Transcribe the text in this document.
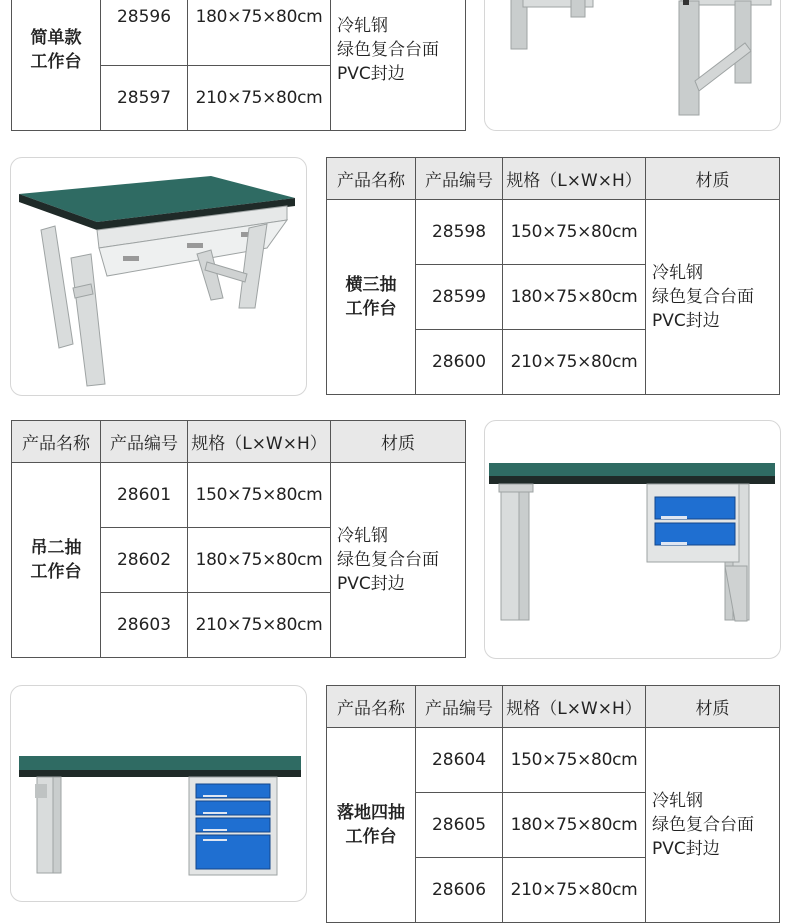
简单款
工作台	28596	180×75×80cm	冷轧钢
绿色复合台面
PVC封边

	28597	210×75×80cm	
产品名称	产品编号	规格（L×W×H）	材质

横三抽
工作台	28598	150×75×80cm	冷轧钢
绿色复合台面
PVC封边

	28599	180×75×80cm	
	28600	210×75×80cm	
产品名称	产品编号	规格（L×W×H）	材质

吊二抽
工作台	28601	150×75×80cm	冷轧钢
绿色复合台面
PVC封边

	28602	180×75×80cm	
	28603	210×75×80cm	
产品名称	产品编号	规格（L×W×H）	材质

落地四抽
工作台	28604	150×75×80cm	冷轧钢
绿色复合台面
PVC封边

	28605	180×75×80cm	
	28606	210×75×80cm	
